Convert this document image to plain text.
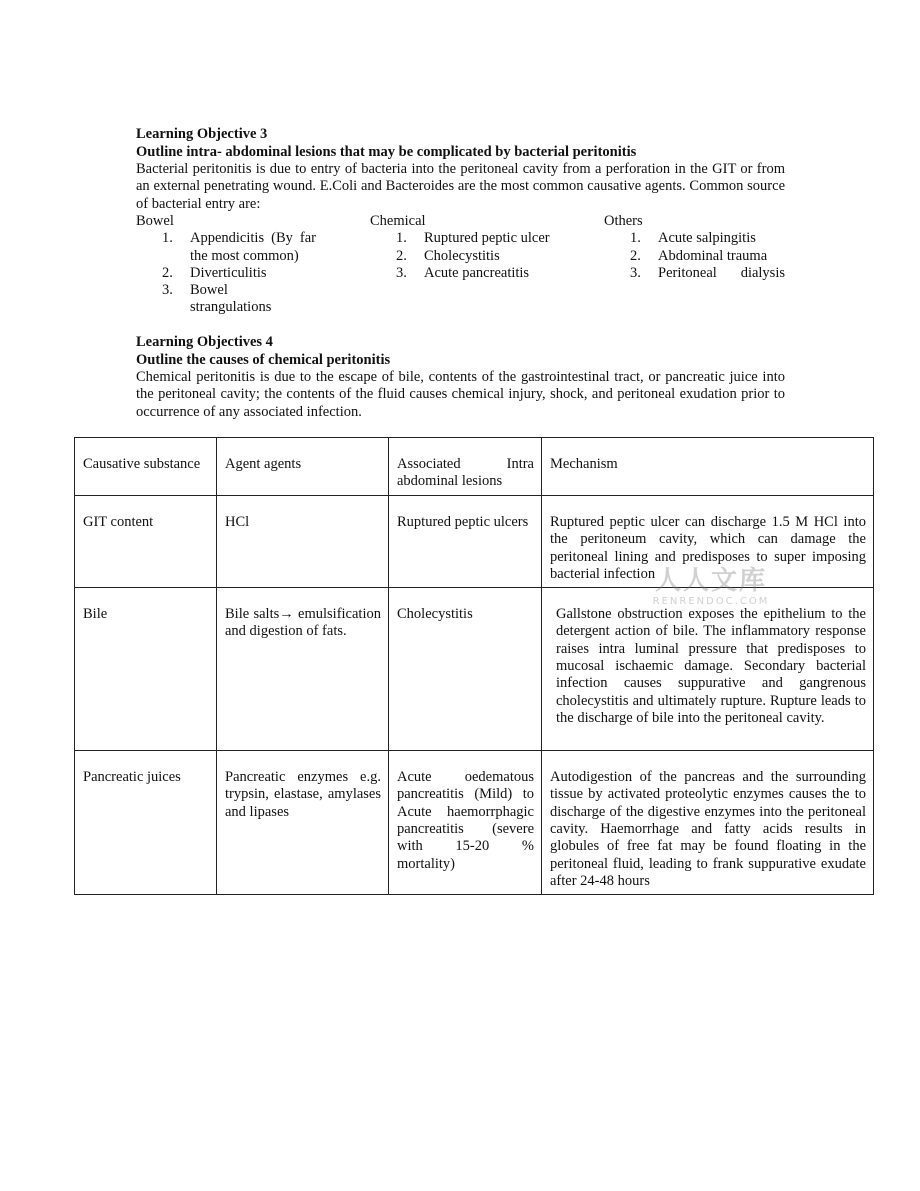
Learning Objective 3
Outline intra- abdominal lesions that may be complicated by bacterial peritonitis
Bacterial peritonitis is due to entry of bacteria into the peritoneal cavity from a perforation in the GIT or from an external penetrating wound. E.Coli and Bacteroides are the most common causative agents. Common source of bacterial entry are:
Bowel
1. Appendicitis (By far the most common)
2. Diverticulitis
3. Bowel strangulations
Chemical
1. Ruptured peptic ulcer
2. Cholecystitis
3. Acute pancreatitis
Others
1. Acute salpingitis
2. Abdominal trauma
3. Peritoneal dialysis
Learning Objectives 4
Outline the causes of chemical peritonitis
Chemical peritonitis is due to the escape of bile, contents of the gastrointestinal tract, or pancreatic juice into the peritoneal cavity; the contents of the fluid causes chemical injury, shock, and peritoneal exudation prior to occurrence of any associated infection.
Causative substance	Agent agents	Associated Intra abdominal lesions	Mechanism
GIT content	HCl	Ruptured peptic ulcers	Ruptured peptic ulcer can discharge 1.5 M HCl into the peritoneum cavity, which can damage the peritoneal lining and predisposes to super imposing bacterial infection
Bile	Bile salts→ emulsification and digestion of fats.	Cholecystitis	Gallstone obstruction exposes the epithelium to the detergent action of bile. The inflammatory response raises intra luminal pressure that predisposes to mucosal ischaemic damage. Secondary bacterial infection causes suppurative and gangrenous cholecystitis and ultimately rupture. Rupture leads to the discharge of bile into the peritoneal cavity.
Pancreatic juices	Pancreatic enzymes e.g. trypsin, elastase, amylases and lipases	Acute oedematous pancreatitis (Mild) to Acute haemorrphagic pancreatitis (severe with 15-20 % mortality)	Autodigestion of the pancreas and the surrounding tissue by activated proteolytic enzymes causes the to discharge of the digestive enzymes into the peritoneal cavity. Haemorrhage and fatty acids results in globules of free fat may be found floating in the peritoneal fluid, leading to frank suppurative exudate after 24-48 hours
人人文库
RENRENDOC.COM
